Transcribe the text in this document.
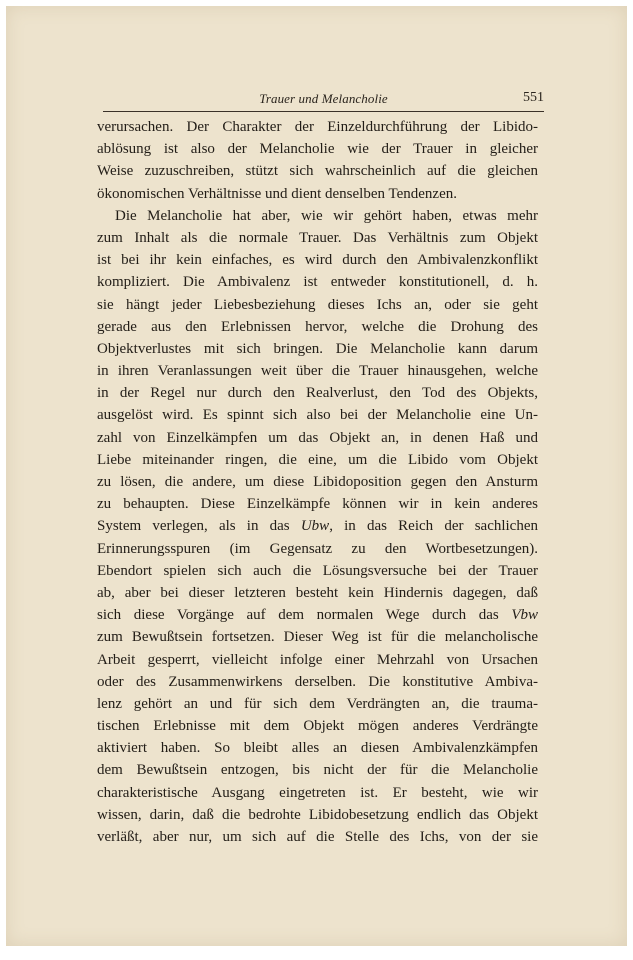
Trauer und Melancholie	551
verursachen. Der Charakter der Einzeldurchführung der Libido-
ablösung ist also der Melancholie wie der Trauer in gleicher
Weise zuzuschreiben, stützt sich wahrscheinlich auf die gleichen
ökonomischen Verhältnisse und dient denselben Tendenzen.
Die Melancholie hat aber, wie wir gehört haben, etwas mehr
zum Inhalt als die normale Trauer. Das Verhältnis zum Objekt
ist bei ihr kein einfaches, es wird durch den Ambivalenzkonflikt
kompliziert. Die Ambivalenz ist entweder konstitutionell, d. h.
sie hängt jeder Liebesbeziehung dieses Ichs an, oder sie geht
gerade aus den Erlebnissen hervor, welche die Drohung des
Objektverlustes mit sich bringen. Die Melancholie kann darum
in ihren Veranlassungen weit über die Trauer hinausgehen, welche
in der Regel nur durch den Realverlust, den Tod des Objekts,
ausgelöst wird. Es spinnt sich also bei der Melancholie eine Un-
zahl von Einzelkämpfen um das Objekt an, in denen Haß und
Liebe miteinander ringen, die eine, um die Libido vom Objekt
zu lösen, die andere, um diese Libidoposition gegen den Ansturm
zu behaupten. Diese Einzelkämpfe können wir in kein anderes
System verlegen, als in das Ubw, in das Reich der sachlichen
Erinnerungsspuren (im Gegensatz zu den Wortbesetzungen).
Ebendort spielen sich auch die Lösungsversuche bei der Trauer
ab, aber bei dieser letzteren besteht kein Hindernis dagegen, daß
sich diese Vorgänge auf dem normalen Wege durch das Vbw
zum Bewußtsein fortsetzen. Dieser Weg ist für die melancholische
Arbeit gesperrt, vielleicht infolge einer Mehrzahl von Ursachen
oder des Zusammenwirkens derselben. Die konstitutive Ambiva-
lenz gehört an und für sich dem Verdrängten an, die trauma-
tischen Erlebnisse mit dem Objekt mögen anderes Verdrängte
aktiviert haben. So bleibt alles an diesen Ambivalenzkämpfen
dem Bewußtsein entzogen, bis nicht der für die Melancholie
charakteristische Ausgang eingetreten ist. Er besteht, wie wir
wissen, darin, daß die bedrohte Libidobesetzung endlich das Objekt
verläßt, aber nur, um sich auf die Stelle des Ichs, von der sie
